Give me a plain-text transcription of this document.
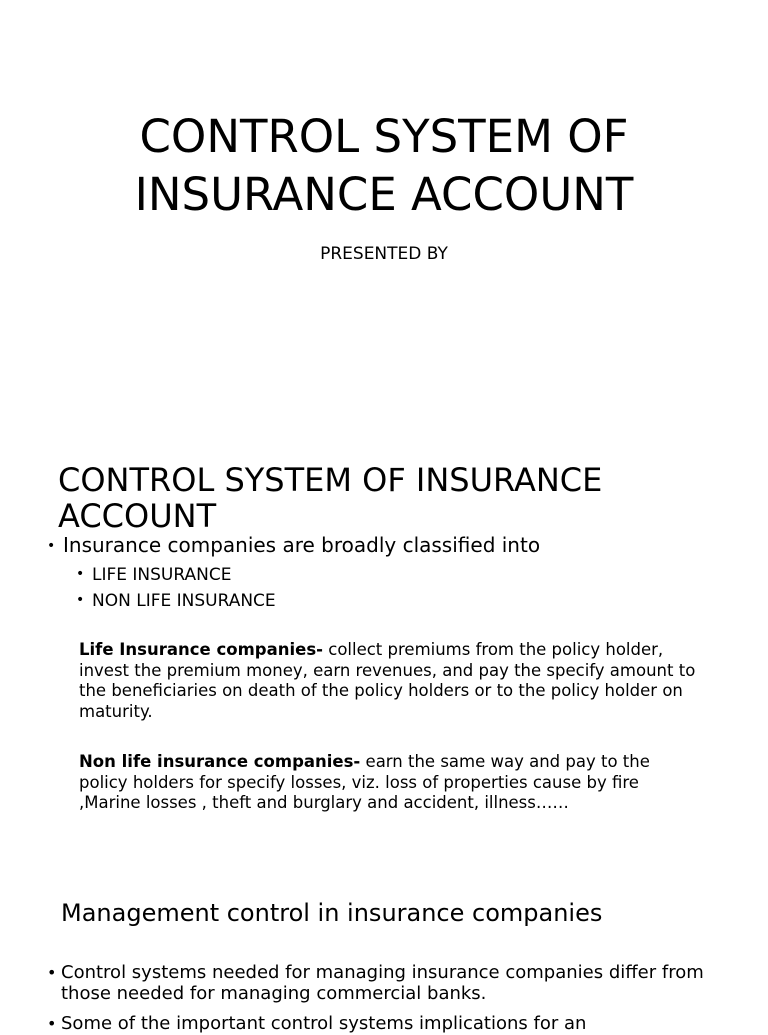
CONTROL SYSTEM OF
INSURANCE ACCOUNT
PRESENTED BY
CONTROL SYSTEM OF INSURANCE
ACCOUNT
• Insurance companies are broadly classified into
• LIFE INSURANCE
• NON LIFE INSURANCE
Life Insurance companies- collect premiums from the policy holder, invest the premium money, earn revenues, and pay the specify amount to the beneficiaries on death of the policy holders or to the policy holder on maturity.
Non life insurance companies- earn the same way and pay to the policy holders for specify losses, viz. loss of properties cause by fire ,Marine losses , theft and burglary and accident, illness……
Management control in insurance companies
• Control systems needed for managing insurance companies differ from those needed for managing commercial banks.
• Some of the important control systems implications for an
